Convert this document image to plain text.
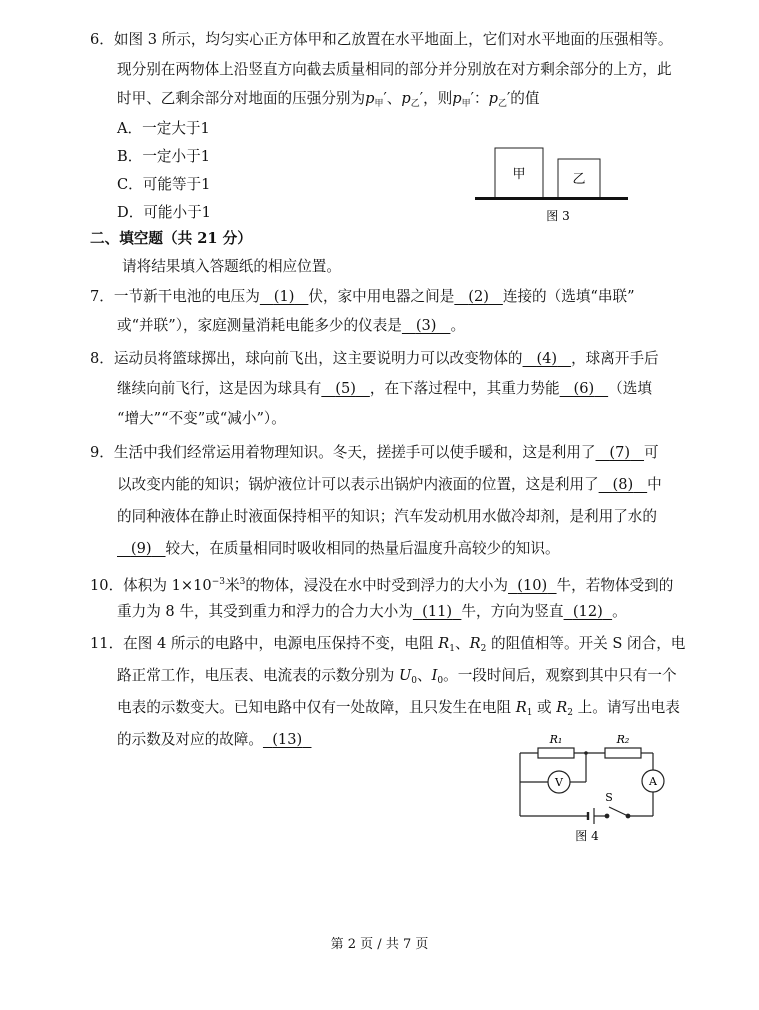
6．如图 3 所示，均匀实心正方体甲和乙放置在水平地面上，它们对水平地面的压强相等。
现分别在两物体上沿竖直方向截去质量相同的部分并分别放在对方剩余部分的上方，此
时甲、乙剩余部分对地面的压强分别为$p_甲'$、$p_乙'$，则$p_甲'$：$p_乙'$的值
A．一定大于1
B．一定小于1
C．可能等于1
D．可能小于1
甲	乙
图 3
二、填空题（共 21 分）
请将结果填入答题纸的相应位置。
7．一节新干电池的电压为 (1) 伏，家中用电器之间是 (2) 连接的（选填“串联”
或“并联”），家庭测量消耗电能多少的仪表是 (3) 。
8．运动员将篮球掷出，球向前飞出，这主要说明力可以改变物体的 (4) ，球离开手后
继续向前飞行，这是因为球具有 (5) ，在下落过程中，其重力势能 (6) （选填
“增大”“不变”或“减小”）。
9．生活中我们经常运用着物理知识。冬天，搓搓手可以使手暖和，这是利用了 (7) 可
以改变内能的知识；锅炉液位计可以表示出锅炉内液面的位置，这是利用了 (8) 中
的同种液体在静止时液面保持相平的知识；汽车发动机用水做冷却剂，是利用了水的
(9) 较大，在质量相同时吸收相同的热量后温度升高较少的知识。
10．体积为 $1\times 10^{-3}$米$^3$的物体，浸没在水中时受到浮力的大小为 (10) 牛，若物体受到的
重力为 8 牛，其受到重力和浮力的合力大小为 (11) 牛，方向为竖直 (12) 。
11．在图 4 所示的电路中，电源电压保持不变，电阻 $R_1$、$R_2$ 的阻值相等。开关 S 闭合，电
路正常工作，电压表、电流表的示数分别为 $U_0$、$I_0$。一段时间后，观察到其中只有一个
电表的示数变大。已知电路中仅有一处故障，且只发生在电阻 $R_1$ 或 $R_2$ 上。请写出电表
的示数及对应的故障。 (13)	R₁	R₂
V	A
S
图 4
第 2 页 / 共 7 页
